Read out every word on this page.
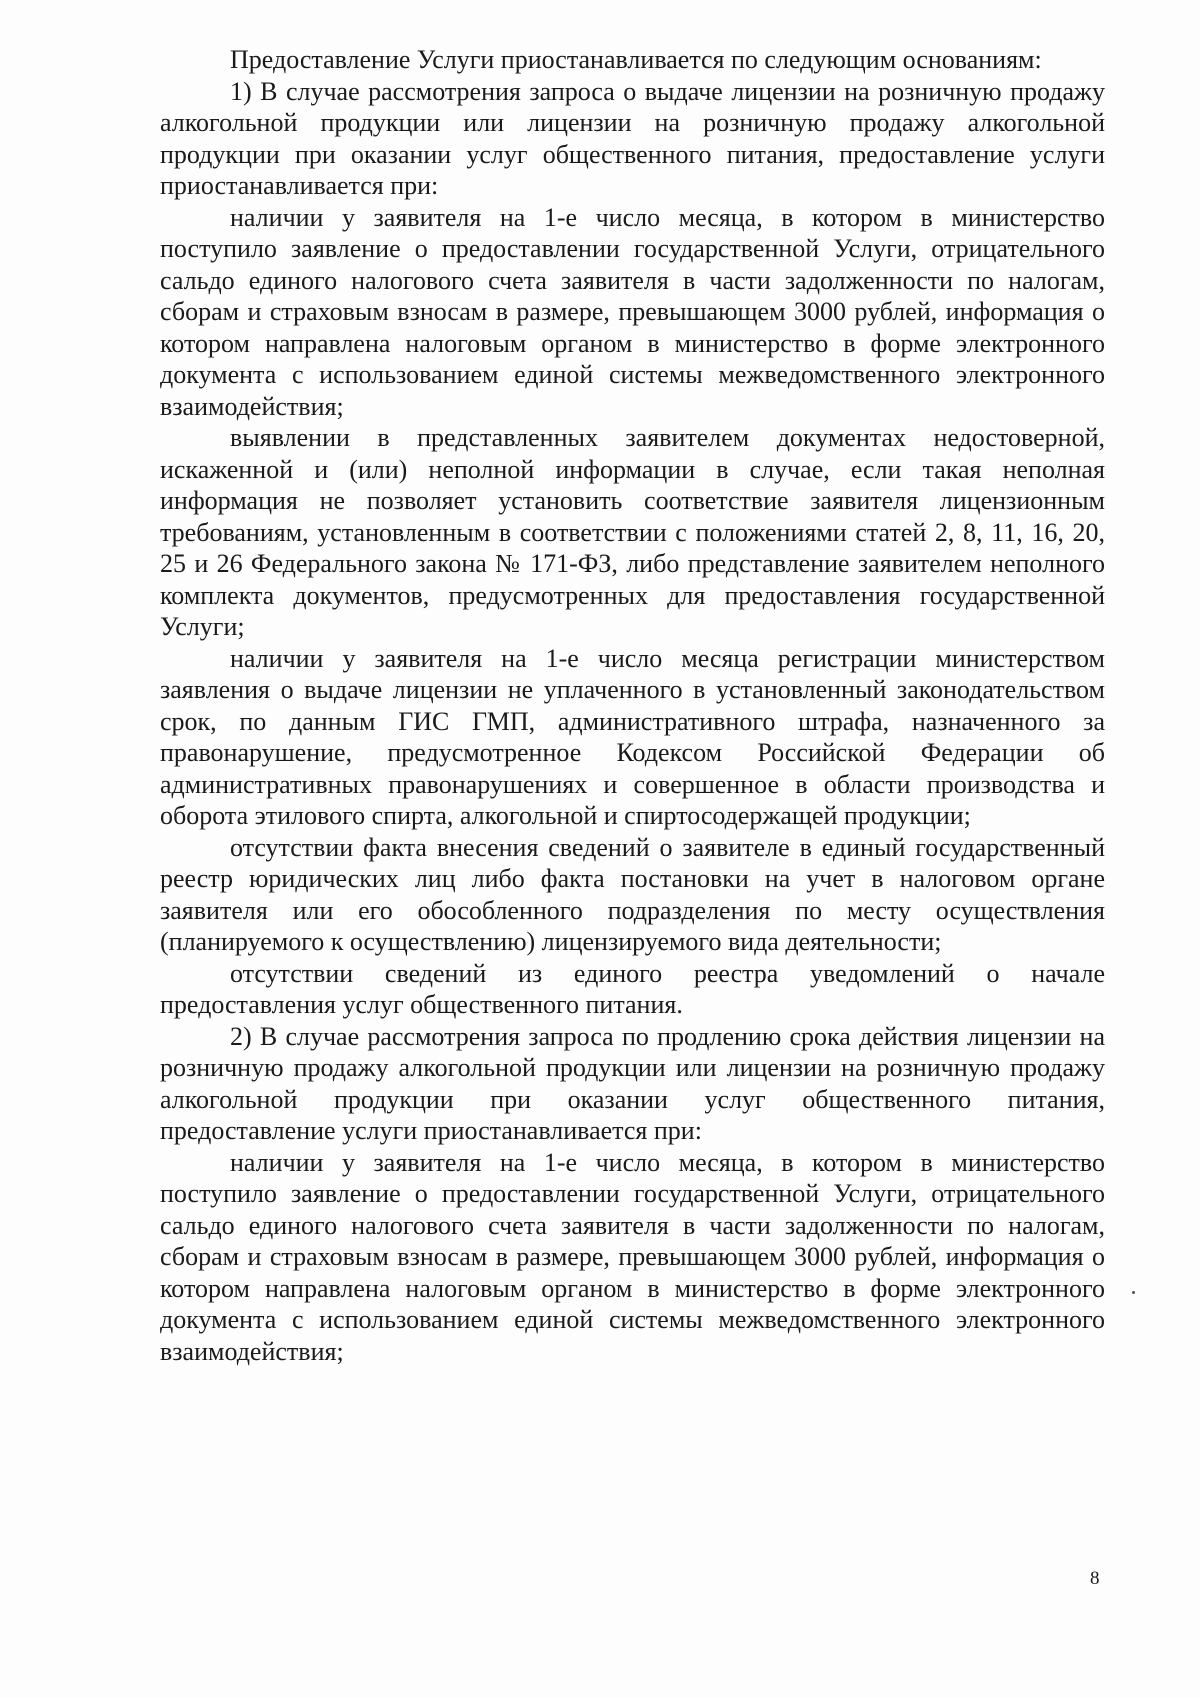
Предоставление Услуги приостанавливается по следующим основаниям:

1) В случае рассмотрения запроса о выдаче лицензии на розничную продажу алкогольной продукции или лицензии на розничную продажу алкогольной продукции при оказании услуг общественного питания, предоставление услуги приостанавливается при:

наличии у заявителя на 1-е число месяца, в котором в министерство поступило заявление о предоставлении государственной Услуги, отрицательного сальдо единого налогового счета заявителя в части задолженности по налогам, сборам и страховым взносам в размере, превышающем 3000 рублей, информация о котором направлена налоговым органом в министерство в форме электронного документа с использованием единой системы межведомственного электронного взаимодействия;

выявлении в представленных заявителем документах недостоверной, искаженной и (или) неполной информации в случае, если такая неполная информация не позволяет установить соответствие заявителя лицензионным требованиям, установленным в соответствии с положениями статей 2, 8, 11, 16, 20, 25 и 26 Федерального закона № 171-ФЗ, либо представление заявителем неполного комплекта документов, предусмотренных для предоставления государственной Услуги;

наличии у заявителя на 1-е число месяца регистрации министерством заявления о выдаче лицензии не уплаченного в установленный законодательством срок, по данным ГИС ГМП, административного штрафа, назначенного за правонарушение, предусмотренное Кодексом Российской Федерации об административных правонарушениях и совершенное в области производства и оборота этилового спирта, алкогольной и спиртосодержащей продукции;

отсутствии факта внесения сведений о заявителе в единый государственный реестр юридических лиц либо факта постановки на учет в налоговом органе заявителя или его обособленного подразделения по месту осуществления (планируемого к осуществлению) лицензируемого вида деятельности;

отсутствии сведений из единого реестра уведомлений о начале предоставления услуг общественного питания.

2) В случае рассмотрения запроса по продлению срока действия лицензии на розничную продажу алкогольной продукции или лицензии на розничную продажу алкогольной продукции при оказании услуг общественного питания, предоставление услуги приостанавливается при:

наличии у заявителя на 1-е число месяца, в котором в министерство поступило заявление о предоставлении государственной Услуги, отрицательного сальдо единого налогового счета заявителя в части задолженности по налогам, сборам и страховым взносам в размере, превышающем 3000 рублей, информация о котором направлена налоговым органом в министерство в форме электронного документа с использованием единой системы межведомственного электронного взаимодействия;

8
